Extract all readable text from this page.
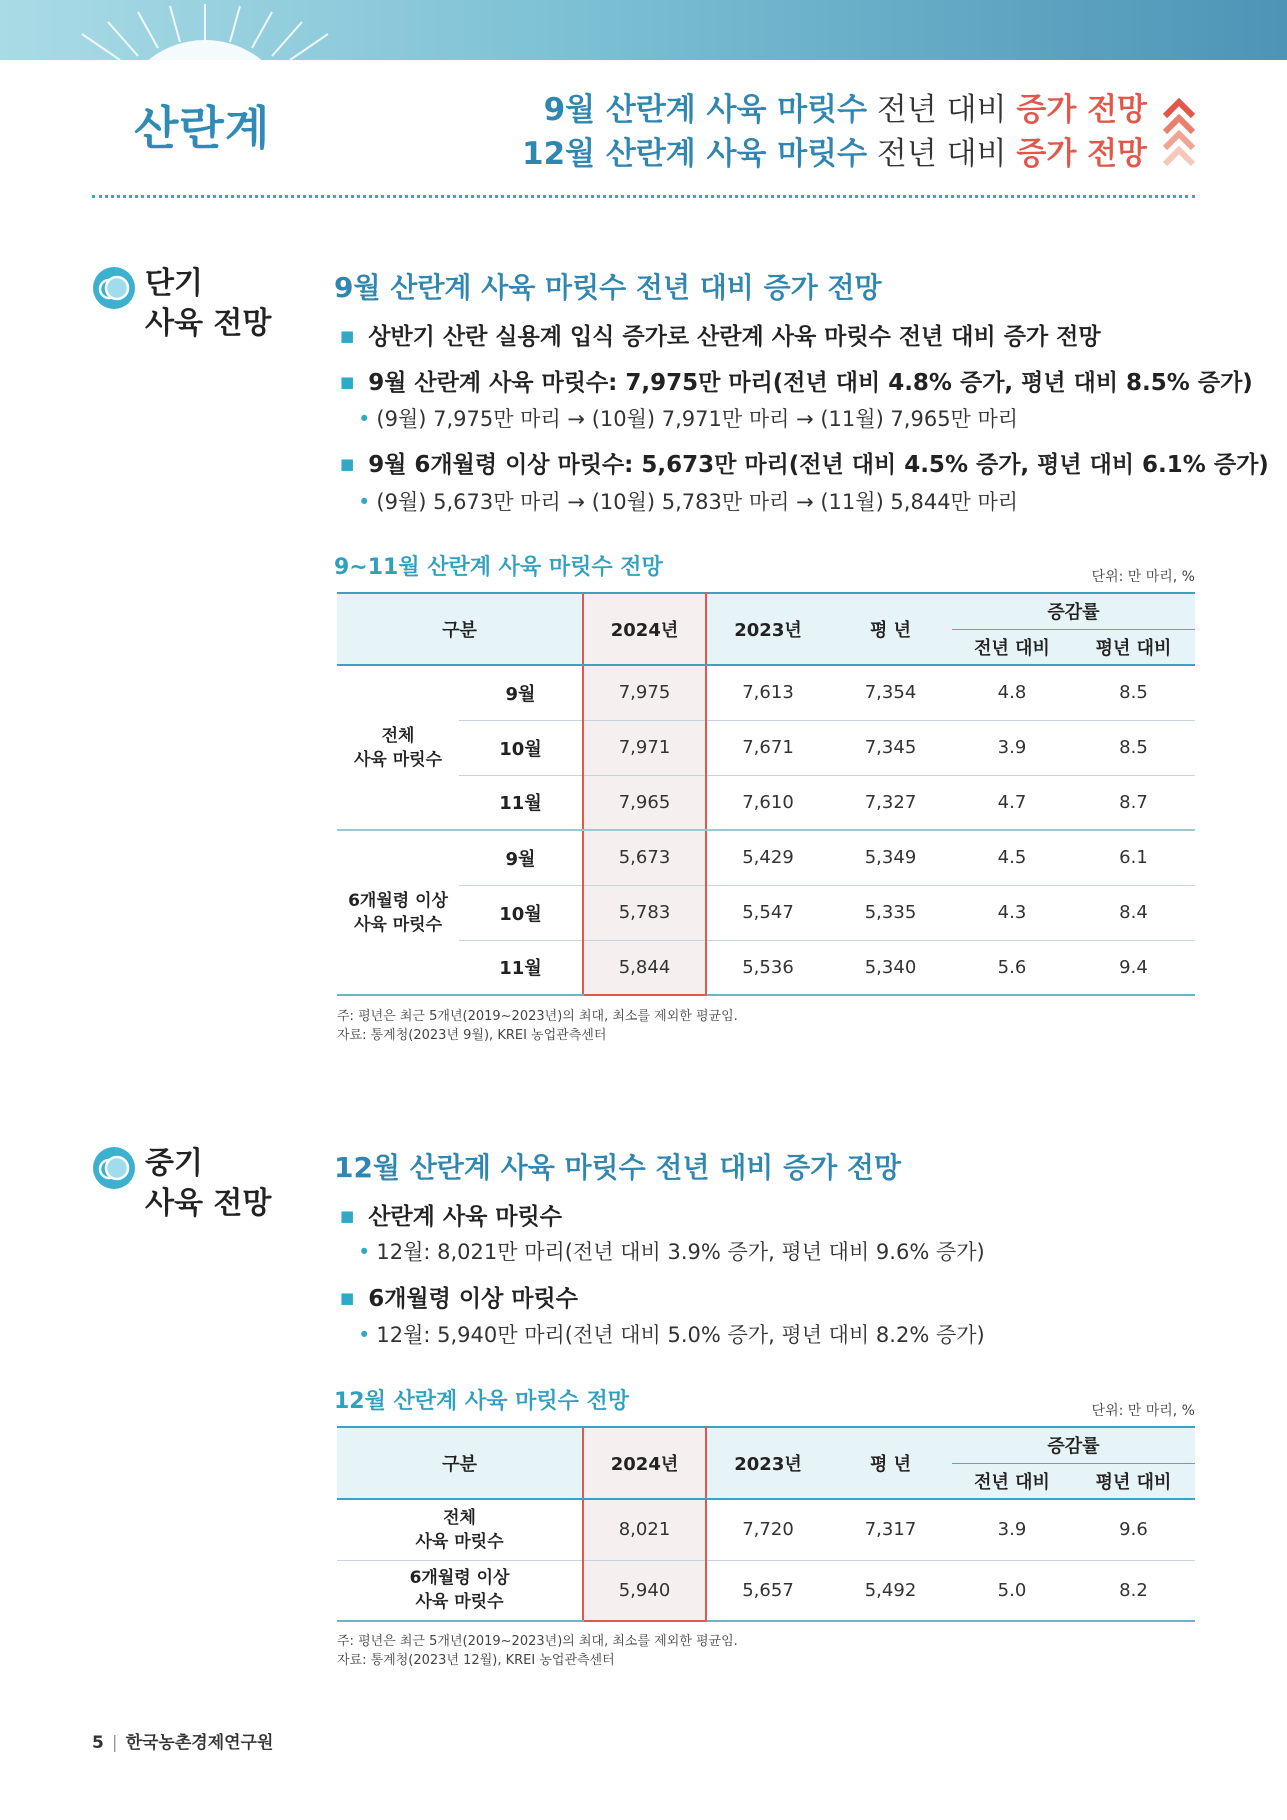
산란계	9월 산란계 사육 마릿수 전년 대비 증가 전망
12월 산란계 사육 마릿수 전년 대비 증가 전망
단기
사육 전망
9월 산란계 사육 마릿수 전년 대비 증가 전망
■ 상반기 산란 실용계 입식 증가로 산란계 사육 마릿수 전년 대비 증가 전망
■ 9월 산란계 사육 마릿수: 7,975만 마리(전년 대비 4.8% 증가, 평년 대비 8.5% 증가)
• (9월) 7,975만 마리 → (10월) 7,971만 마리 → (11월) 7,965만 마리
■ 9월 6개월령 이상 마릿수: 5,673만 마리(전년 대비 4.5% 증가, 평년 대비 6.1% 증가)
• (9월) 5,673만 마리 → (10월) 5,783만 마리 → (11월) 5,844만 마리
9~11월 산란계 사육 마릿수 전망	단위: 만 마리, %
구분		2024년	2023년	평 년	증감률	
					전년 대비	평년 대비

전체
사육 마릿수	9월	7,975	7,613	7,354	4.8	8.5
	10월	7,971	7,671	7,345	3.9	8.5
	11월	7,965	7,610	7,327	4.7	8.7

6개월령 이상
사육 마릿수	9월	5,673	5,429	5,349	4.5	6.1
	10월	5,783	5,547	5,335	4.3	8.4
	11월	5,844	5,536	5,340	5.6	9.4
주: 평년은 최근 5개년(2019~2023년)의 최대, 최소를 제외한 평균임.
자료: 통계청(2023년 9월), KREI 농업관측센터
중기
사육 전망
12월 산란계 사육 마릿수 전년 대비 증가 전망
■ 산란계 사육 마릿수
• 12월: 8,021만 마리(전년 대비 3.9% 증가, 평년 대비 9.6% 증가)
■ 6개월령 이상 마릿수
• 12월: 5,940만 마리(전년 대비 5.0% 증가, 평년 대비 8.2% 증가)
12월 산란계 사육 마릿수 전망	단위: 만 마리, %
구분	2024년	2023년	평 년	증감률	
				전년 대비	평년 대비

전체
사육 마릿수	8,021	7,720	7,317	3.9	9.6

6개월령 이상
사육 마릿수	5,940	5,657	5,492	5.0	8.2
주: 평년은 최근 5개년(2019~2023년)의 최대, 최소를 제외한 평균임.
자료: 통계청(2023년 12월), KREI 농업관측센터
5 | 한국농촌경제연구원
